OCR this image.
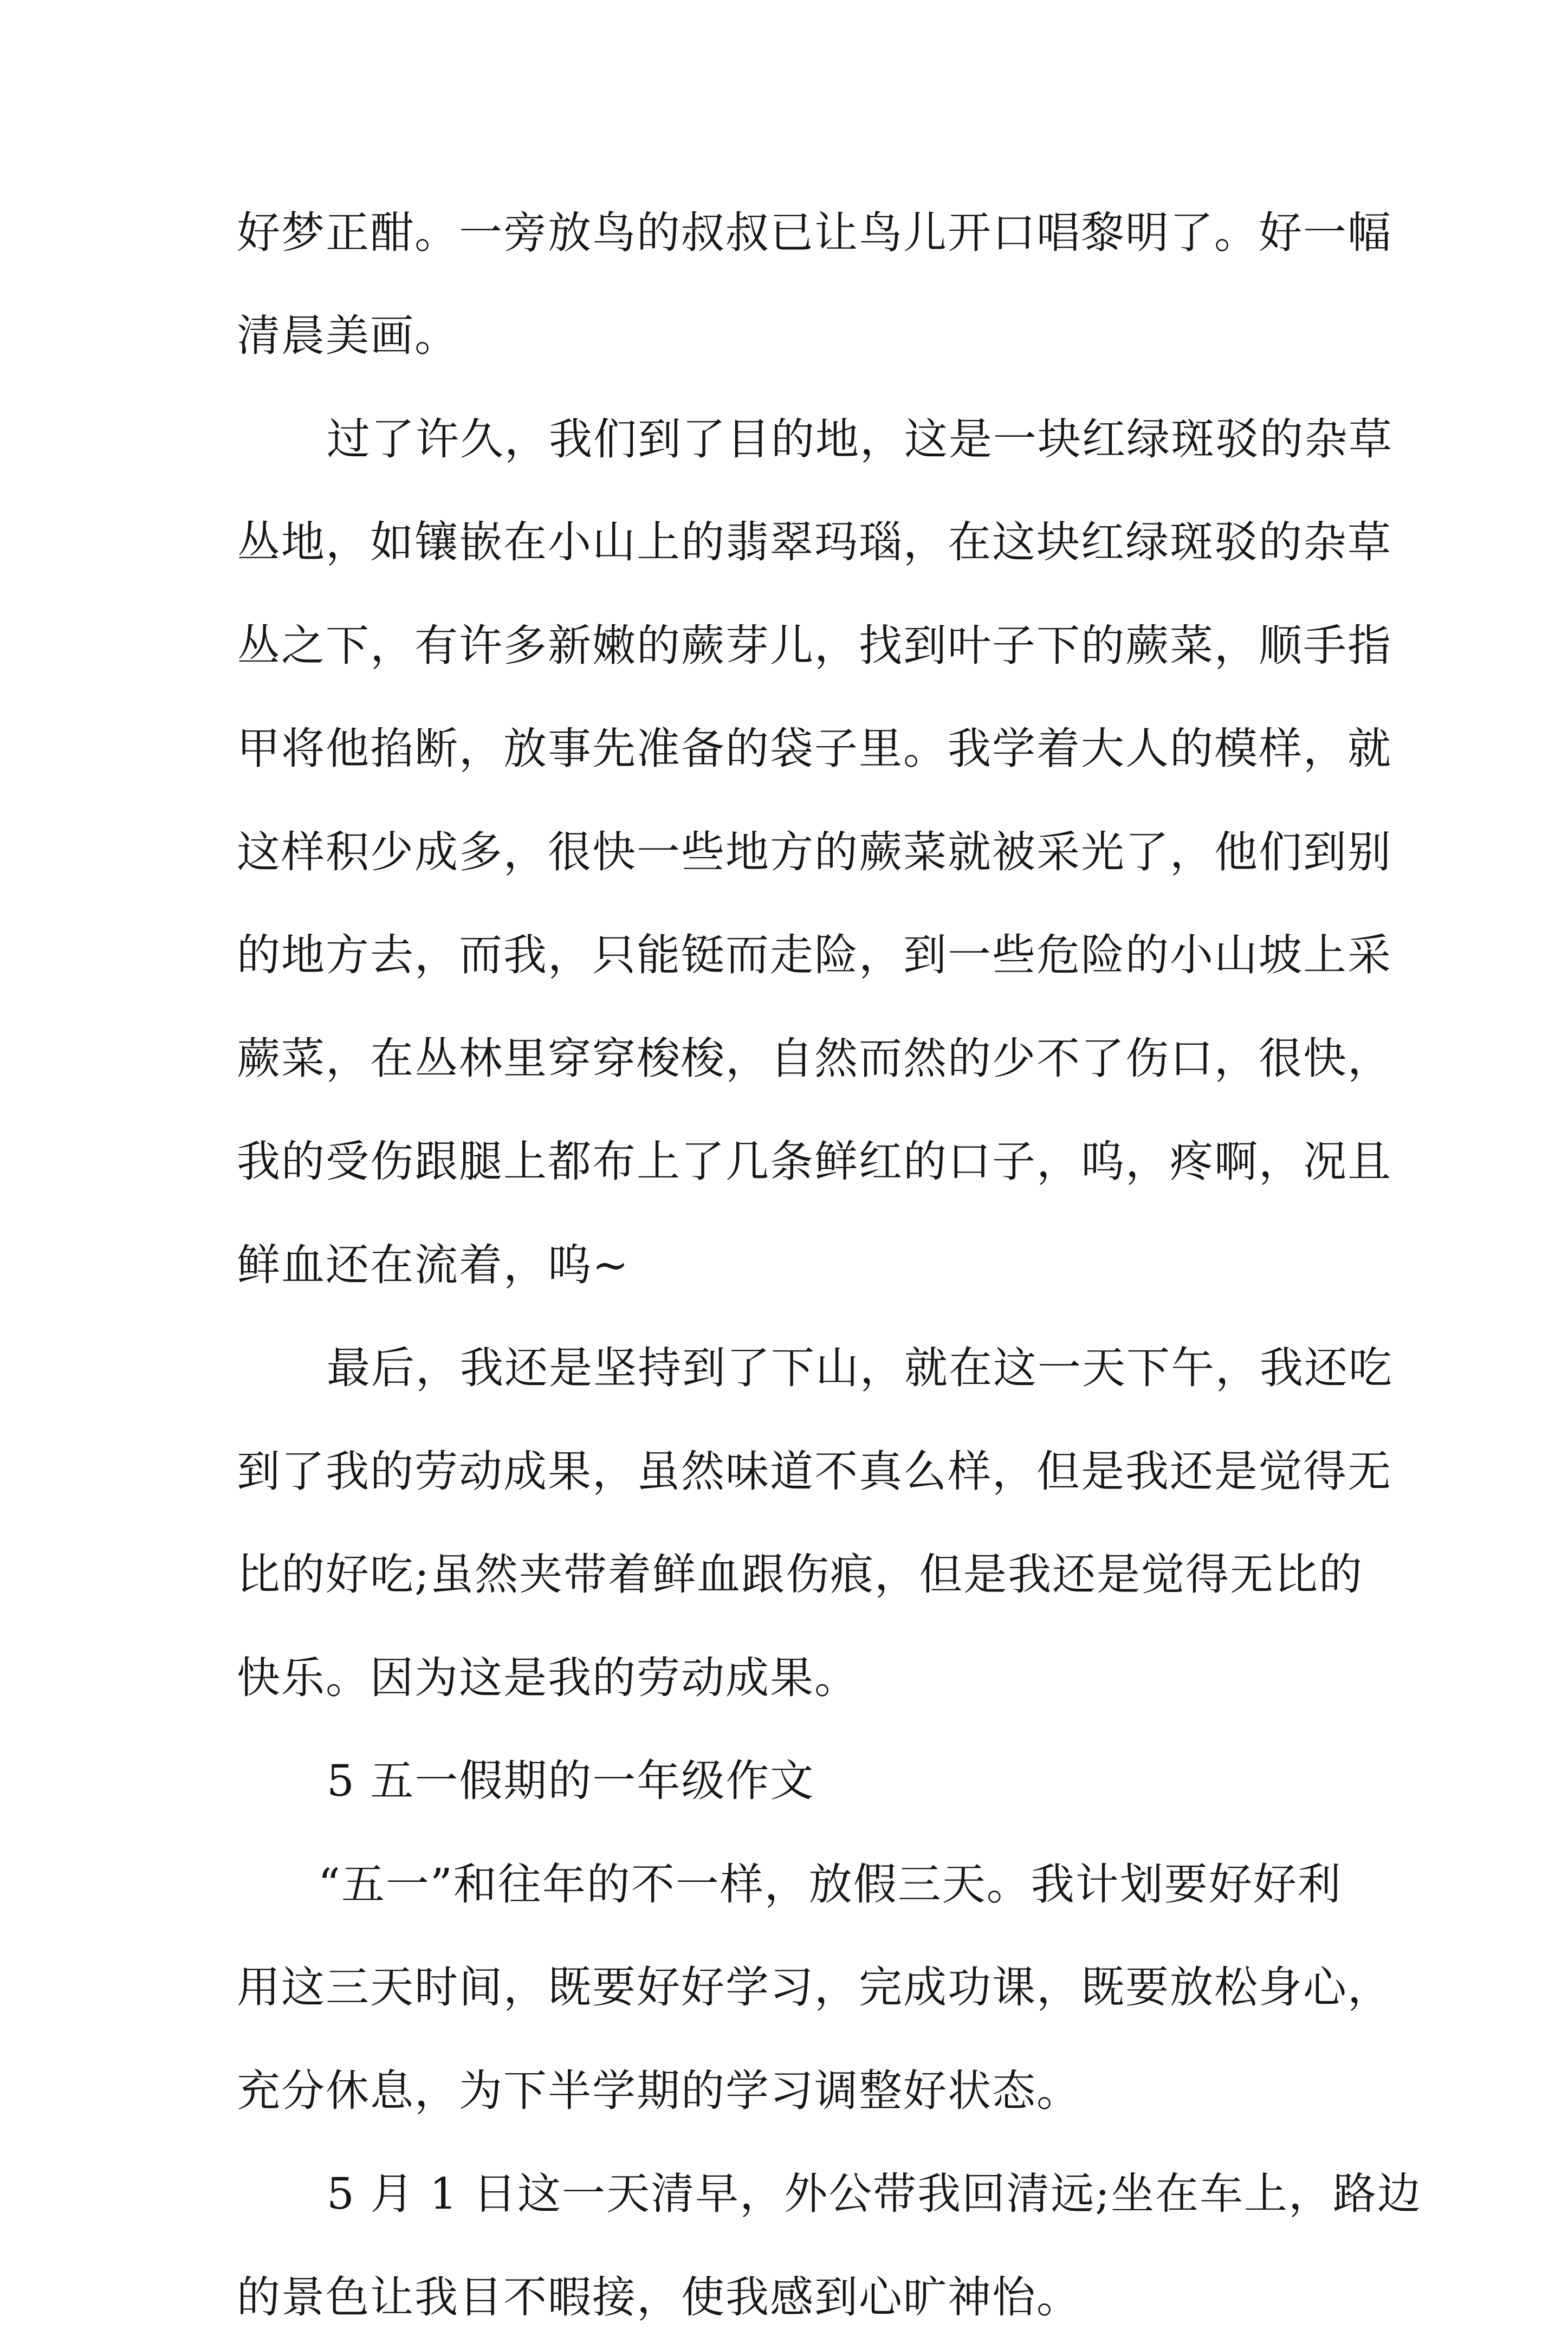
好梦正酣。一旁放鸟的叔叔已让鸟儿开口唱黎明了。好一幅
清晨美画。
过了许久，我们到了目的地，这是一块红绿斑驳的杂草
丛地，如镶嵌在小山上的翡翠玛瑙，在这块红绿斑驳的杂草
丛之下，有许多新嫩的蕨芽儿，找到叶子下的蕨菜，顺手指
甲将他掐断，放事先准备的袋子里。我学着大人的模样，就
这样积少成多，很快一些地方的蕨菜就被采光了，他们到别
的地方去，而我，只能铤而走险，到一些危险的小山坡上采
蕨菜，在丛林里穿穿梭梭，自然而然的少不了伤口，很快，
我的受伤跟腿上都布上了几条鲜红的口子，呜，疼啊，况且
鲜血还在流着，呜~
最后，我还是坚持到了下山，就在这一天下午，我还吃
到了我的劳动成果，虽然味道不真么样，但是我还是觉得无
比的好吃;虽然夹带着鲜血跟伤痕，但是我还是觉得无比的
快乐。因为这是我的劳动成果。
5 五一假期的一年级作文
“五一”和往年的不一样，放假三天。我计划要好好利
用这三天时间，既要好好学习，完成功课，既要放松身心，
充分休息，为下半学期的学习调整好状态。
5 月 1 日这一天清早，外公带我回清远;坐在车上，路边
的景色让我目不暇接，使我感到心旷神怡。
